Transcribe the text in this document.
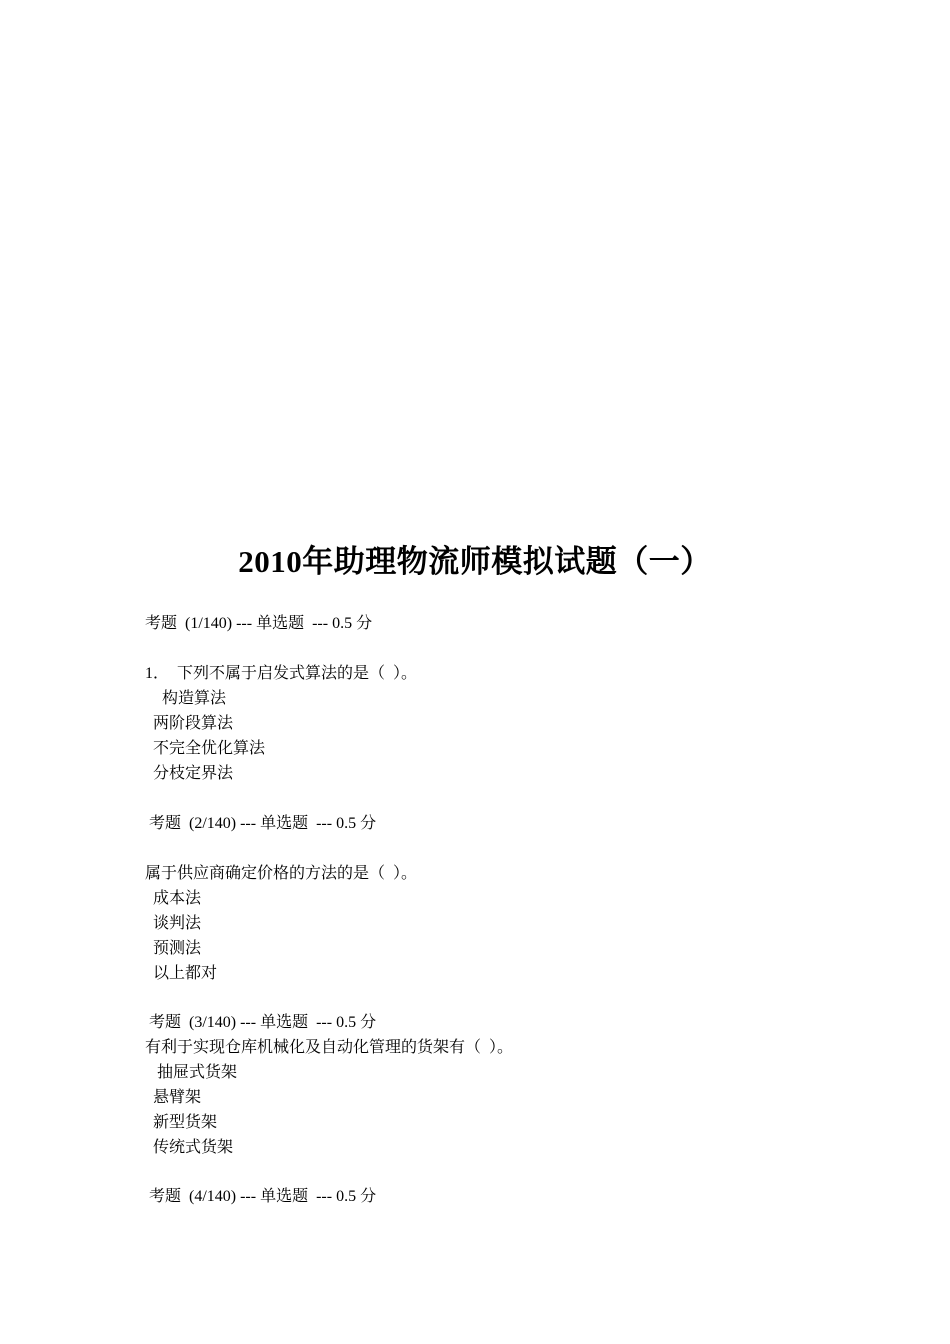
2010年助理物流师模拟试题（一）
考题  (1/140) --- 单选题  --- 0.5 分
1．  下列不属于启发式算法的是（  ）。
构造算法
两阶段算法
不完全优化算法
分枝定界法
考题  (2/140) --- 单选题  --- 0.5 分
属于供应商确定价格的方法的是（  ）。
成本法
谈判法
预测法
以上都对
考题  (3/140) --- 单选题  --- 0.5 分
有利于实现仓库机械化及自动化管理的货架有（  ）。
抽屉式货架
悬臂架
新型货架
传统式货架
考题  (4/140) --- 单选题  --- 0.5 分
